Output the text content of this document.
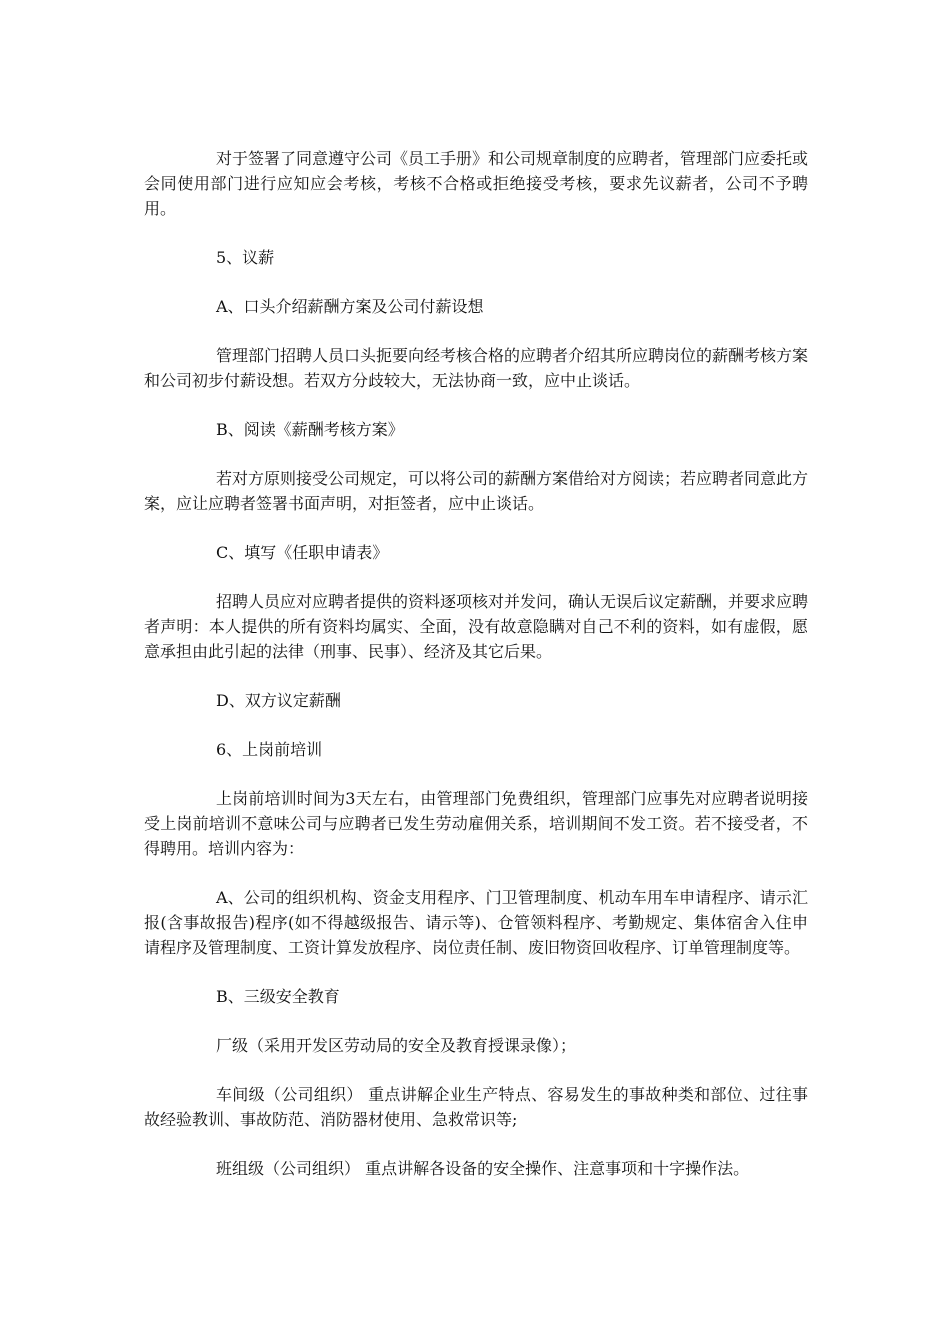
对于签署了同意遵守公司《员工手册》和公司规章制度的应聘者，管理部门应委托或会同使用部门进行应知应会考核，考核不合格或拒绝接受考核，要求先议薪者，公司不予聘用。

5、议薪

A、口头介绍薪酬方案及公司付薪设想

管理部门招聘人员口头扼要向经考核合格的应聘者介绍其所应聘岗位的薪酬考核方案和公司初步付薪设想。若双方分歧较大，无法协商一致，应中止谈话。

B、阅读《薪酬考核方案》

若对方原则接受公司规定，可以将公司的薪酬方案借给对方阅读；若应聘者同意此方案，应让应聘者签署书面声明，对拒签者，应中止谈话。

C、填写《任职申请表》

招聘人员应对应聘者提供的资料逐项核对并发问，确认无误后议定薪酬，并要求应聘者声明：本人提供的所有资料均属实、全面，没有故意隐瞒对自己不利的资料，如有虚假，愿意承担由此引起的法律（刑事、民事）、经济及其它后果。

D、双方议定薪酬

6、上岗前培训

上岗前培训时间为3天左右，由管理部门免费组织，管理部门应事先对应聘者说明接受上岗前培训不意味公司与应聘者已发生劳动雇佣关系，培训期间不发工资。若不接受者，不得聘用。培训内容为：

A、公司的组织机构、资金支用程序、门卫管理制度、机动车用车申请程序、请示汇报(含事故报告)程序(如不得越级报告、请示等)、仓管领料程序、考勤规定、集体宿舍入住申请程序及管理制度、工资计算发放程序、岗位责任制、废旧物资回收程序、订单管理制度等。

B、三级安全教育

厂级（采用开发区劳动局的安全及教育授课录像）；

车间级（公司组织） 重点讲解企业生产特点、容易发生的事故种类和部位、过往事故经验教训、事故防范、消防器材使用、急救常识等;

班组级（公司组织） 重点讲解各设备的安全操作、注意事项和十字操作法。
